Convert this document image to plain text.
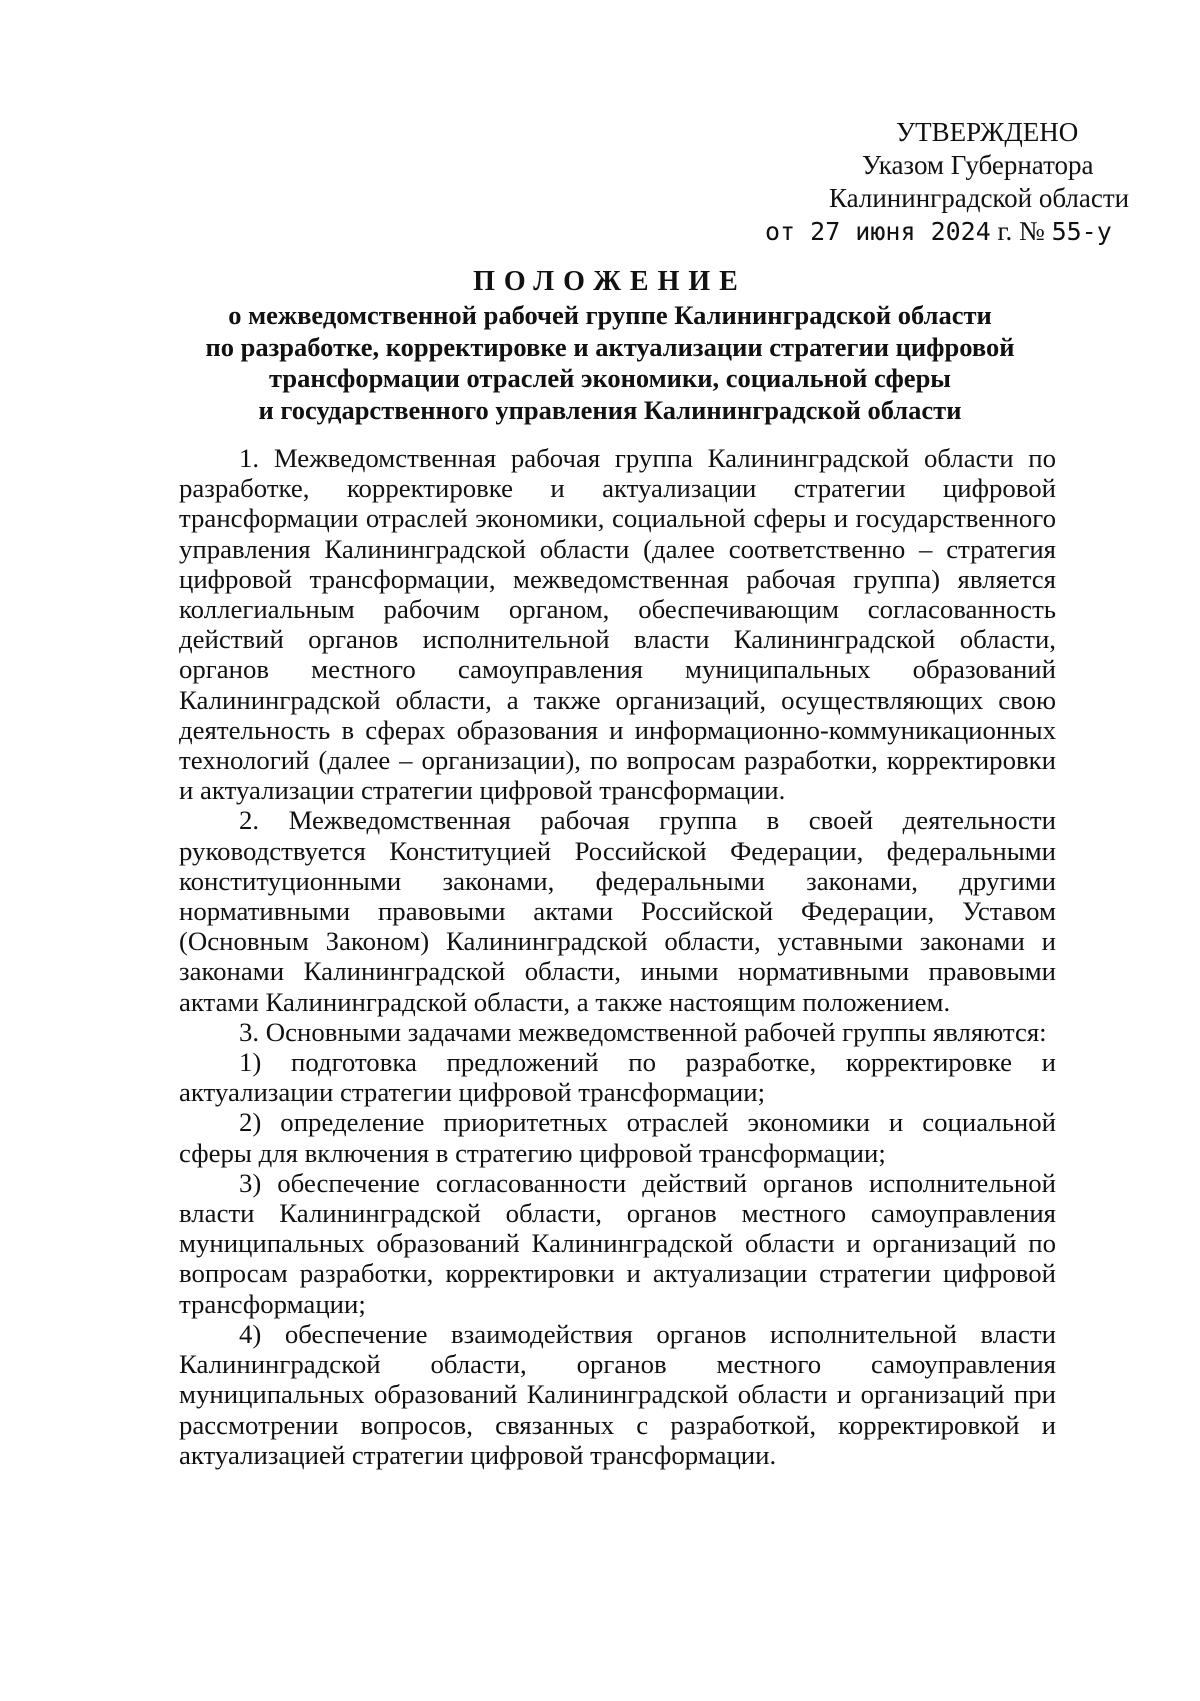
УТВЕРЖДЕНО
Указом Губернатора
Калининградской области
от 27 июня 2024 г. № 55-у
ПОЛОЖЕНИЕ
о межведомственной рабочей группе Калининградской области
по разработке, корректировке и актуализации стратегии цифровой
трансформации отраслей экономики, социальной сферы
и государственного управления Калининградской области

1. Межведомственная рабочая группа Калининградской области по разработке, корректировке и актуализации стратегии цифровой трансформации отраслей экономики, социальной сферы и государственного управления Калининградской области (далее соответственно – стратегия цифровой трансформации, межведомственная рабочая группа) является коллегиальным рабочим органом, обеспечивающим согласованность действий органов исполнительной власти Калининградской области, органов местного самоуправления муниципальных образований Калининградской области, а также организаций, осуществляющих свою деятельность в сферах образования и информационно-коммуникационных технологий (далее – организации), по вопросам разработки, корректировки и актуализации стратегии цифровой трансформации.

2. Межведомственная рабочая группа в своей деятельности руководствуется Конституцией Российской Федерации, федеральными конституционными законами, федеральными законами, другими нормативными правовыми актами Российской Федерации, Уставом (Основным Законом) Калининградской области, уставными законами и законами Калининградской области, иными нормативными правовыми актами Калининградской области, а также настоящим положением.

3. Основными задачами межведомственной рабочей группы являются:

1) подготовка предложений по разработке, корректировке и актуализации стратегии цифровой трансформации;

2) определение приоритетных отраслей экономики и социальной сферы для включения в стратегию цифровой трансформации;

3) обеспечение согласованности действий органов исполнительной власти Калининградской области, органов местного самоуправления муниципальных образований Калининградской области и организаций по вопросам разработки, корректировки и актуализации стратегии цифровой трансформации;

4) обеспечение взаимодействия органов исполнительной власти Калининградской области, органов местного самоуправления муниципальных образований Калининградской области и организаций при рассмотрении вопросов, связанных с разработкой, корректировкой и актуализацией стратегии цифровой трансформации.
